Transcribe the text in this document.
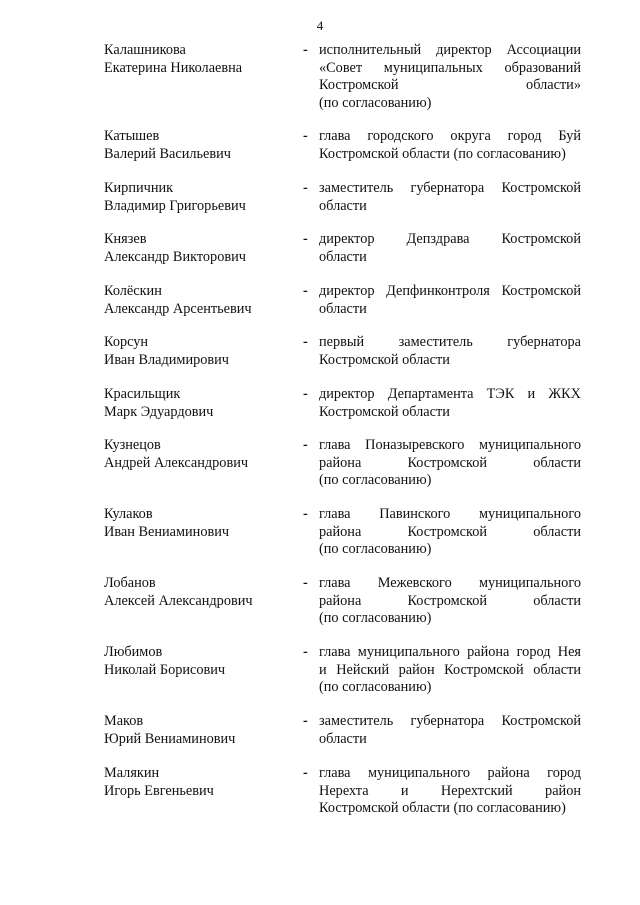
4
Калашникова
Екатерина Николаевна
- исполнительный директор Ассоциации
«Совет муниципальных образований
Костромской области»
(по согласованию)
Катышев
Валерий Васильевич
- глава городского округа город Буй
Костромской области (по согласованию)
Кирпичник
Владимир Григорьевич
- заместитель губернатора Костромской
области
Князев
Александр Викторович
- директор Депздрава Костромской
области
Колёскин
Александр Арсентьевич
- директор Депфинконтроля Костромской
области
Корсун
Иван Владимирович
- первый заместитель губернатора
Костромской области
Красильщик
Марк Эдуардович
- директор Департамента ТЭК и ЖКХ
Костромской области
Кузнецов
Андрей Александрович
- глава Поназыревского муниципального
района Костромской области
(по согласованию)
Кулаков
Иван Вениаминович
- глава Павинского муниципального
района Костромской области
(по согласованию)
Лобанов
Алексей Александрович
- глава Межевского муниципального
района Костромской области
(по согласованию)
Любимов
Николай Борисович
- глава муниципального района город Нея
и Нейский район Костромской области
(по согласованию)
Маков
Юрий Вениаминович
- заместитель губернатора Костромской
области
Малякин
Игорь Евгеньевич
- глава муниципального района город
Нерехта и Нерехтский район
Костромской области (по согласованию)
